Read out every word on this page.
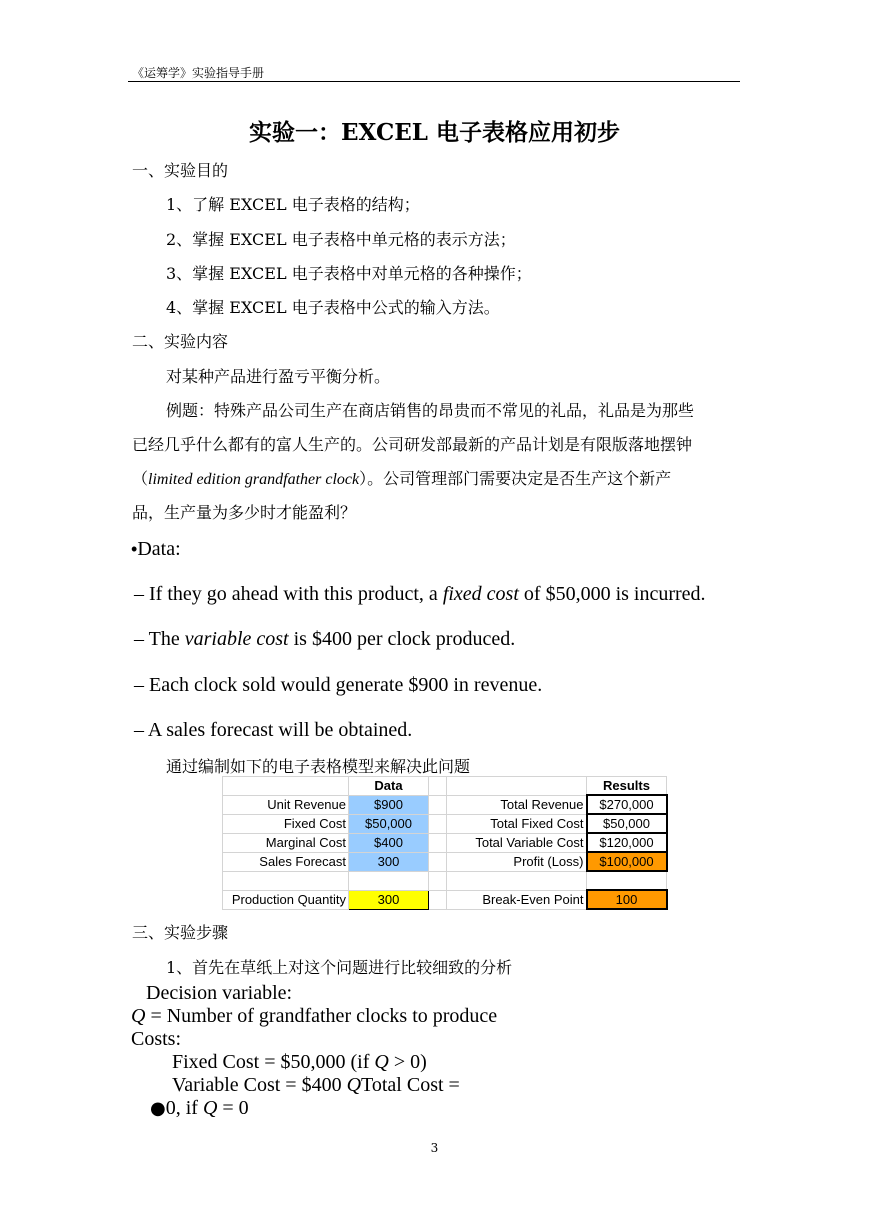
《运筹学》实验指导手册
实验一：EXCEL 电子表格应用初步
一、实验目的
1、了解 EXCEL 电子表格的结构；
2、掌握 EXCEL 电子表格中单元格的表示方法；
3、掌握 EXCEL 电子表格中对单元格的各种操作；
4、掌握 EXCEL 电子表格中公式的输入方法。
二、实验内容
对某种产品进行盈亏平衡分析。
例题：特殊产品公司生产在商店销售的昂贵而不常见的礼品，礼品是为那些
已经几乎什么都有的富人生产的。公司研发部最新的产品计划是有限版落地摆钟
（limited edition grandfather clock）。公司管理部门需要决定是否生产这个新产
品，生产量为多少时才能盈利？
•Data:
– If they go ahead with this product, a fixed cost of $50,000 is incurred.
– The variable cost is $400 per clock produced.
– Each clock sold would generate $900 in revenue.
– A sales forecast will be obtained.
通过编制如下的电子表格模型来解决此问题
	Data			Results
Unit Revenue	$900		Total Revenue	$270,000
Fixed Cost	$50,000		Total Fixed Cost	$50,000
Marginal Cost	$400		Total Variable Cost	$120,000
Sales Forecast	300		Profit (Loss)	$100,000

Production Quantity	300		Break-Even Point	100
三、实验步骤
1、首先在草纸上对这个问题进行比较细致的分析
Decision variable:
Q = Number of grandfather clocks to produce
Costs:
Fixed Cost = $50,000 (if Q > 0)
Variable Cost = $400 QTotal Cost =
●0, if Q = 0
3
